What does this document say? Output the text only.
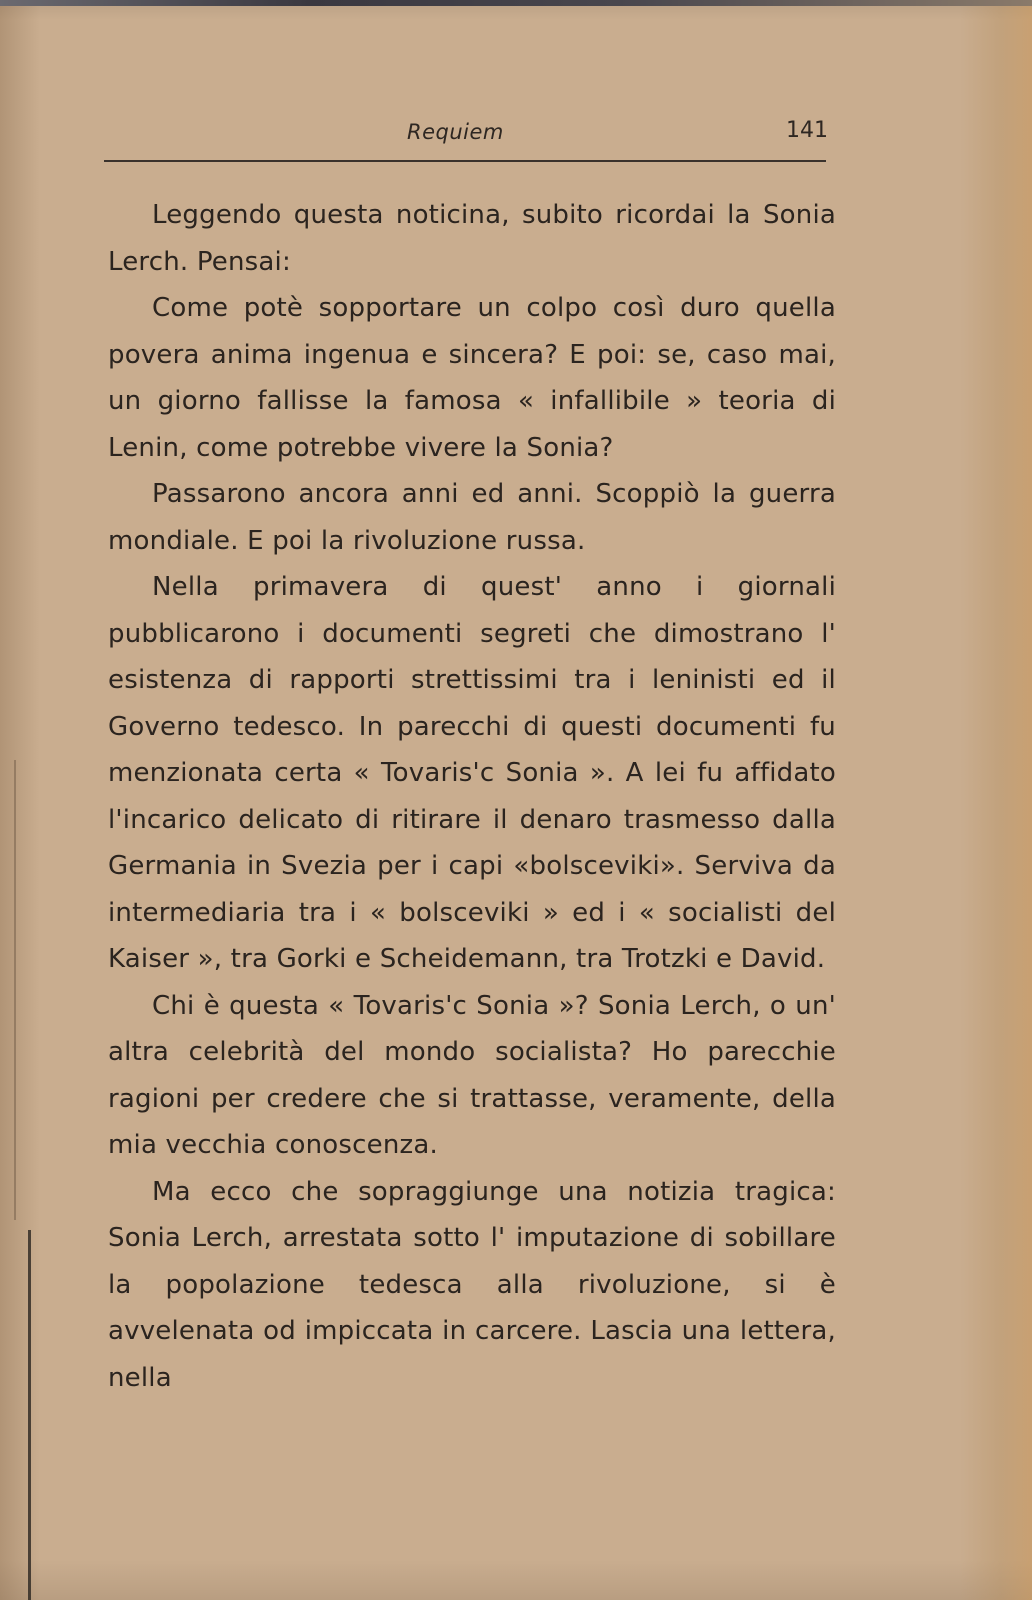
Requiem	141

Leggendo questa noticina, subito ricordai la Sonia Lerch. Pensai:

Come potè sopportare un colpo così duro quella povera anima ingenua e sincera? E poi: se, caso mai, un giorno fallisse la famosa « infallibile » teoria di Lenin, come potrebbe vivere la Sonia?

Passarono ancora anni ed anni. Scoppiò la guerra mondiale. E poi la rivoluzione russa.

Nella primavera di quest' anno i giornali pubblicarono i documenti segreti che dimostrano l' esistenza di rapporti strettissimi tra i leninisti ed il Governo tedesco. In parecchi di questi documenti fu menzionata certa « Tovaris'c Sonia ». A lei fu affidato l'incarico delicato di ritirare il denaro trasmesso dalla Germania in Svezia per i capi «bolsceviki». Serviva da intermediaria tra i « bolsceviki » ed i « socialisti del Kaiser », tra Gorki e Scheidemann, tra Trotzki e David.

Chi è questa « Tovaris'c Sonia »? Sonia Lerch, o un' altra celebrità del mondo socialista? Ho parecchie ragioni per credere che si trattasse, veramente, della mia vecchia conoscenza.

Ma ecco che sopraggiunge una notizia tragica: Sonia Lerch, arrestata sotto l' imputazione di sobillare la popolazione tedesca alla rivoluzione, si è avvelenata od impiccata in carcere. Lascia una lettera, nella
